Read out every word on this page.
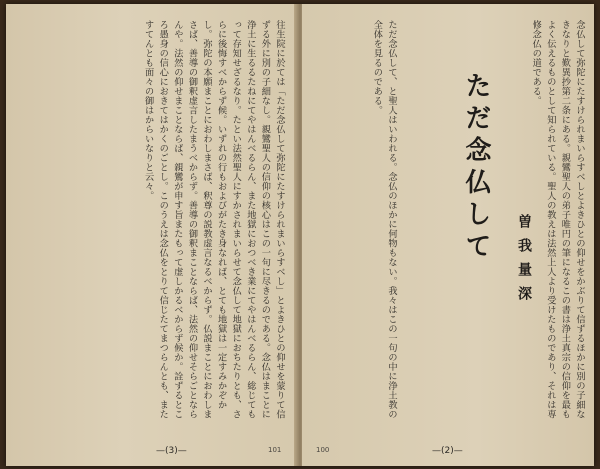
往生院に於ては「ただ念仏して弥陀にたすけられまいらすべし」とよきひとの仰せを蒙りて信ずる外に別の子細なし。親鸞聖人の信仰の核心はこの一句に尽きるのである。念仏はまことに浄土に生るるたねにてやはんべるらん、また地獄におつべき業にてやはんべるらん、総じてもって存知せざるなり。たとい法然聖人にすかされまいらせて念仏して地獄におちたりとも、さらに後悔すべからず候。いずれの行もおよびがたき身なれば、とても地獄は一定すみかぞかし。弥陀の本願まことにおわしまさば、釈尊の説教虚言なるべからず。仏説まことにおわしまさば、善導の御釈虚言したまうべからず。善導の御釈まことならば、法然の仰せそらごとならんや。法然の仰せまことならば、親鸞が申す旨またもって虚しかるべからず候か。詮ずるところ愚身の信心におきてはかくのごとし。このうえは念仏をとりて信じたてまつらんとも、またすてんとも面々の御はからいなりと云々。
101
—(3)—
念仏して弥陀にたすけられまいらすべしとよきひとの仰せをかぶりて信ずるほかに別の子細なきなりと歎異抄第二条にある。親鸞聖人の弟子唯円の筆になるこの書は浄土真宗の信仰を最もよく伝えるものとして知られている。聖人の教えは法然上人より受けたものであり、それは専修念仏の道である。
ただ念仏して 曽我量深
ただ念仏して、と聖人はいわれる。念仏のほかに何物もない。我々はこの一句の中に浄土教の全体を見るのである。
100	—(2)—
